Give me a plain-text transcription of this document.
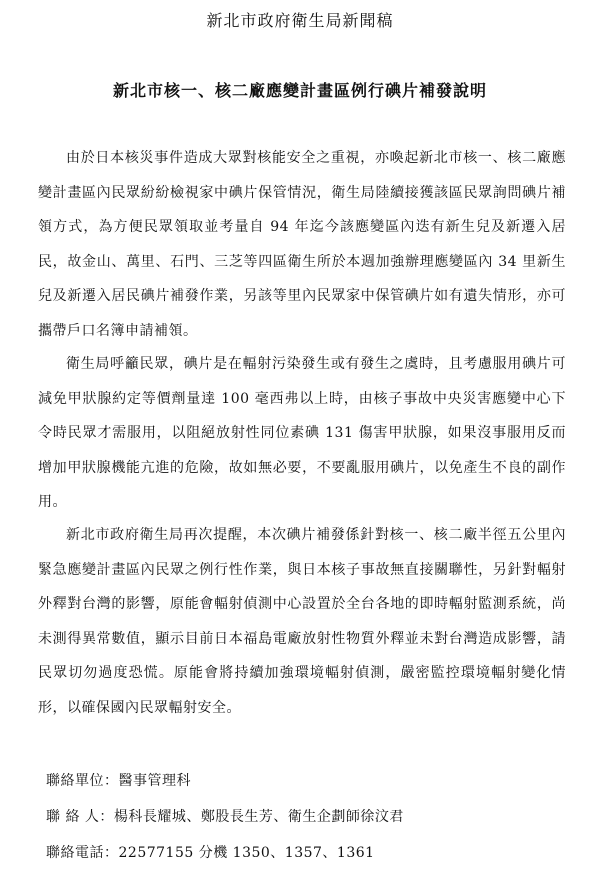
新北市政府衛生局新聞稿
新北市核一、核二廠應變計畫區例行碘片補發說明

由於日本核災事件造成大眾對核能安全之重視，亦喚起新北市核一、核二廠應變計畫區內民眾紛紛檢視家中碘片保管情況，衛生局陸續接獲該區民眾詢問碘片補領方式，為方便民眾領取並考量自 94 年迄今該應變區內迭有新生兒及新遷入居民，故金山、萬里、石門、三芝等四區衛生所於本週加強辦理應變區內 34 里新生兒及新遷入居民碘片補發作業，另該等里內民眾家中保管碘片如有遺失情形，亦可攜帶戶口名簿申請補領。

衛生局呼籲民眾，碘片是在輻射污染發生或有發生之虞時，且考慮服用碘片可減免甲狀腺約定等價劑量達 100 毫西弗以上時，由核子事故中央災害應變中心下令時民眾才需服用，以阻絕放射性同位素碘 131 傷害甲狀腺，如果沒事服用反而增加甲狀腺機能亢進的危險，故如無必要，不要亂服用碘片，以免產生不良的副作用。

新北市政府衛生局再次提醒，本次碘片補發係針對核一、核二廠半徑五公里內緊急應變計畫區內民眾之例行性作業，與日本核子事故無直接關聯性，另針對輻射外釋對台灣的影響，原能會輻射偵測中心設置於全台各地的即時輻射監測系統，尚未測得異常數值，顯示目前日本福島電廠放射性物質外釋並未對台灣造成影響，請民眾切勿過度恐慌。原能會將持續加強環境輻射偵測，嚴密監控環境輻射變化情形，以確保國內民眾輻射安全。

聯絡單位：醫事管理科
聯 絡 人：楊科長耀城、鄭股長生芳、衛生企劃師徐汶君
聯絡電話：22577155 分機 1350、1357、1361
